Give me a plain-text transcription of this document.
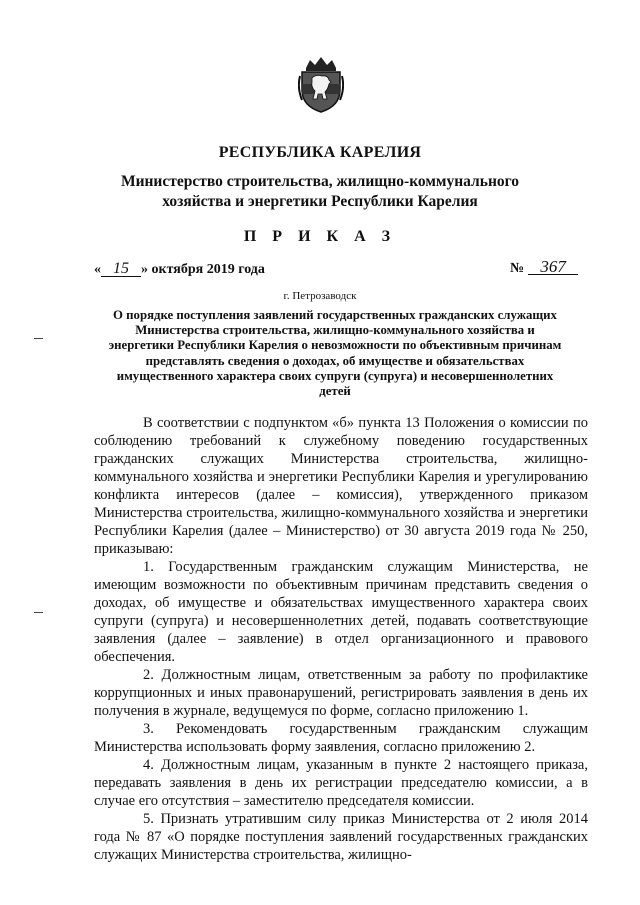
РЕСПУБЛИКА КАРЕЛИЯ
Министерство строительства, жилищно-коммунального хозяйства и энергетики Республики Карелия
П Р И К А З
« 15 » октября 2019 года	№ 367
г. Петрозаводск
О порядке поступления заявлений государственных гражданских служащих Министерства строительства, жилищно-коммунального хозяйства и энергетики Республики Карелия о невозможности по объективным причинам представлять сведения о доходах, об имуществе и обязательствах имущественного характера своих супруги (супруга) и несовершеннолетних детей

В соответствии с подпунктом «б» пункта 13 Положения о комиссии по соблюдению требований к служебному поведению государственных гражданских служащих Министерства строительства, жилищно-коммунального хозяйства и энергетики Республики Карелия и урегулированию конфликта интересов (далее – комиссия), утвержденного приказом Министерства строительства, жилищно-коммунального хозяйства и энергетики Республики Карелия (далее – Министерство) от 30 августа 2019 года № 250, приказываю:

1. Государственным гражданским служащим Министерства, не имеющим возможности по объективным причинам представить сведения о доходах, об имуществе и обязательствах имущественного характера своих супруги (супруга) и несовершеннолетних детей, подавать соответствующие заявления (далее – заявление) в отдел организационного и правового обеспечения.

2. Должностным лицам, ответственным за работу по профилактике коррупционных и иных правонарушений, регистрировать заявления в день их получения в журнале, ведущемуся по форме, согласно приложению 1.

3. Рекомендовать государственным гражданским служащим Министерства использовать форму заявления, согласно приложению 2.

4. Должностным лицам, указанным в пункте 2 настоящего приказа, передавать заявления в день их регистрации председателю комиссии, а в случае его отсутствия – заместителю председателя комиссии.

5. Признать утратившим силу приказ Министерства от 2 июля 2014 года № 87 «О порядке поступления заявлений государственных гражданских служащих Министерства строительства, жилищно-
